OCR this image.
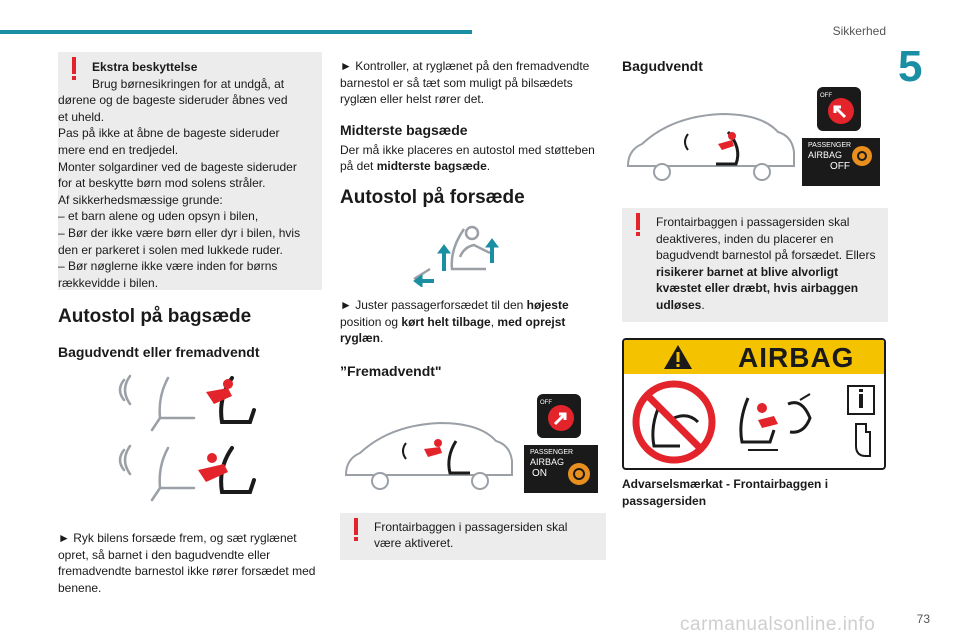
Sikkerhed
5
73
carmanualsonline.info

Ekstra beskyttelse

Brug børnesikringen for at undgå, at

dørene og de bageste sideruder åbnes ved

et uheld.

Pas på ikke at åbne de bageste sideruder

mere end en tredjedel.

Monter solgardiner ved de bageste sideruder

for at beskytte børn mod solens stråler.

Af sikkerhedsmæssige grunde:

– et barn alene og uden opsyn i bilen,

– Bør der ikke være børn eller dyr i bilen, hvis

den er parkeret i solen med lukkede ruder.

– Bør nøglerne ikke være inden for børns

rækkevidde i bilen.

Autostol på bagsæde
Bagudvendt eller fremadvendt

► Ryk bilens forsæde frem, og sæt ryglænet opret, så barnet i den bagudvendte eller fremadvendte barnestol ikke rører forsædet med benene.

► Kontroller, at ryglænet på den fremadvendte barnestol er så tæt som muligt på bilsædets ryglæn eller helst rører det.

Midterste bagsæde

Der må ikke placeres en autostol med støtteben på det midterste bagsæde.

Autostol på forsæde

► Juster passagerforsædet til den højeste position og kørt helt tilbage, med oprejst ryglæn.

”Fremadvendt"
OFF
PASSENGER
AIRBAG
ON

Frontairbaggen i passagersiden skal være aktiveret.

Bagudvendt
OFF
PASSENGER
AIRBAG
OFF

Frontairbaggen i passagersiden skal deaktiveres, inden du placerer en bagudvendt barnestol på forsædet. Ellers risikerer barnet at blive alvorligt kvæstet eller dræbt, hvis airbaggen udløses.

AIRBAG

Advarselsmærkat - Frontairbaggen i passagersiden
